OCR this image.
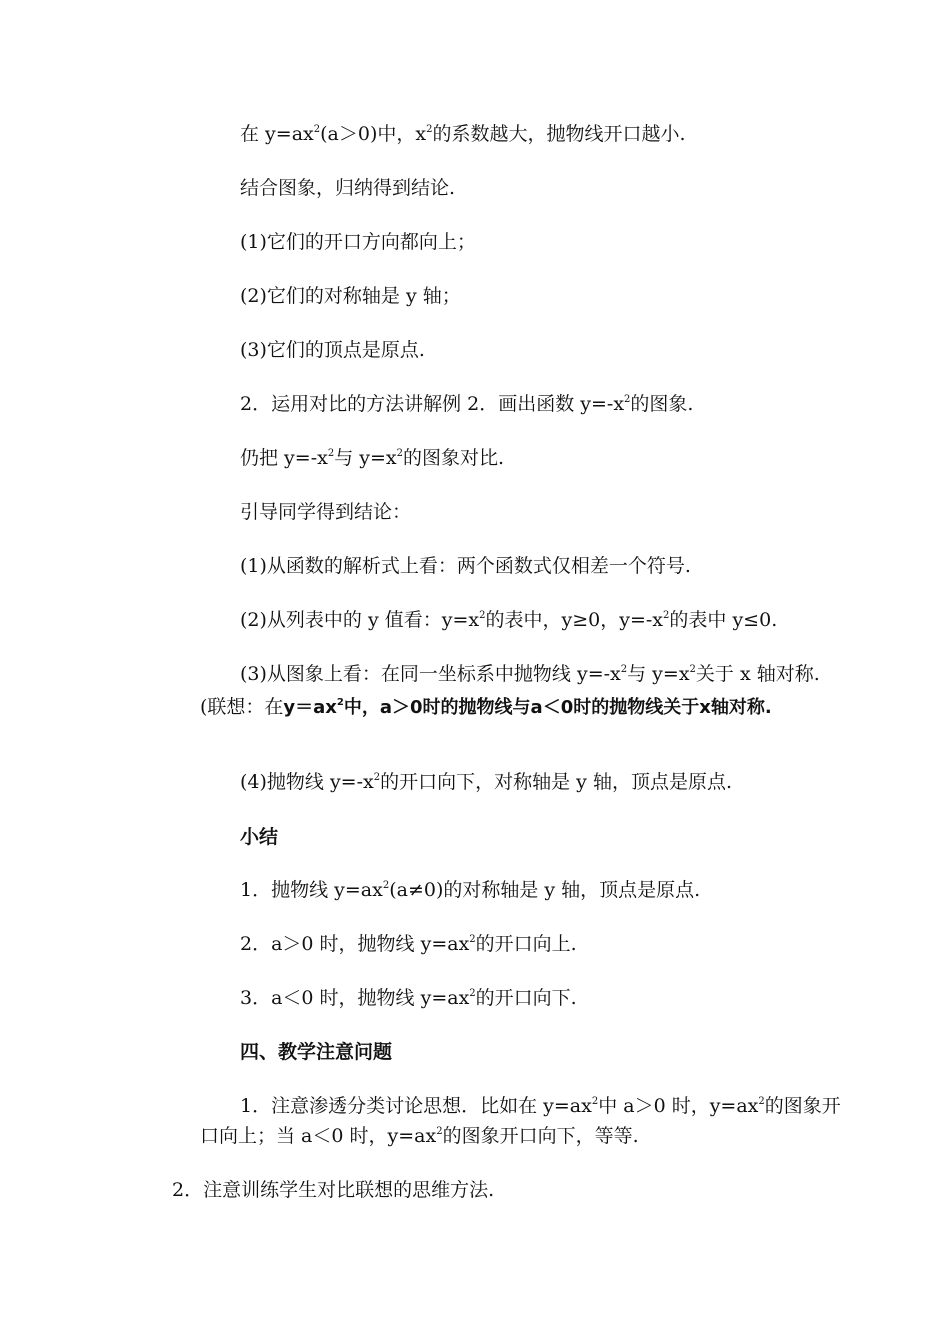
在 $y=ax^2(a>0)$中，$x^2$的系数越大，抛物线开口越小.
结合图象，归纳得到结论.
(1)它们的开口方向都向上；
(2)它们的对称轴是 y 轴；
(3)它们的顶点是原点.
2．运用对比的方法讲解例 2．画出函数 $y=-x^2$的图象.
仍把 $y=-x^2$与 $y=x^2$的图象对比.
引导同学得到结论：
(1)从函数的解析式上看：两个函数式仅相差一个符号.
(2)从列表中的 y 值看：$y=x^2$的表中，y≥0，$y=-x^2$的表中 y≤0.
(3)从图象上看：在同一坐标系中抛物线 $y=-x^2$与 $y=x^2$关于 x 轴对称.
(联想：在$y=ax^2$中，a＞0时的抛物线与a＜0时的抛物线关于x轴对称.
(4)抛物线 $y=-x^2$的开口向下，对称轴是 y 轴，顶点是原点.
小结
1．抛物线 $y=ax^2(a\ne 0)$的对称轴是 y 轴，顶点是原点.
2．a＞0 时，抛物线 $y=ax^2$的开口向上.
3．a＜0 时，抛物线 $y=ax^2$的开口向下.
四、教学注意问题
1．注意渗透分类讨论思想．比如在 $y=ax^2$中 a＞0 时，$y=ax^2$的图象开
口向上；当 a＜0 时，$y=ax^2$的图象开口向下，等等.
2．注意训练学生对比联想的思维方法.
